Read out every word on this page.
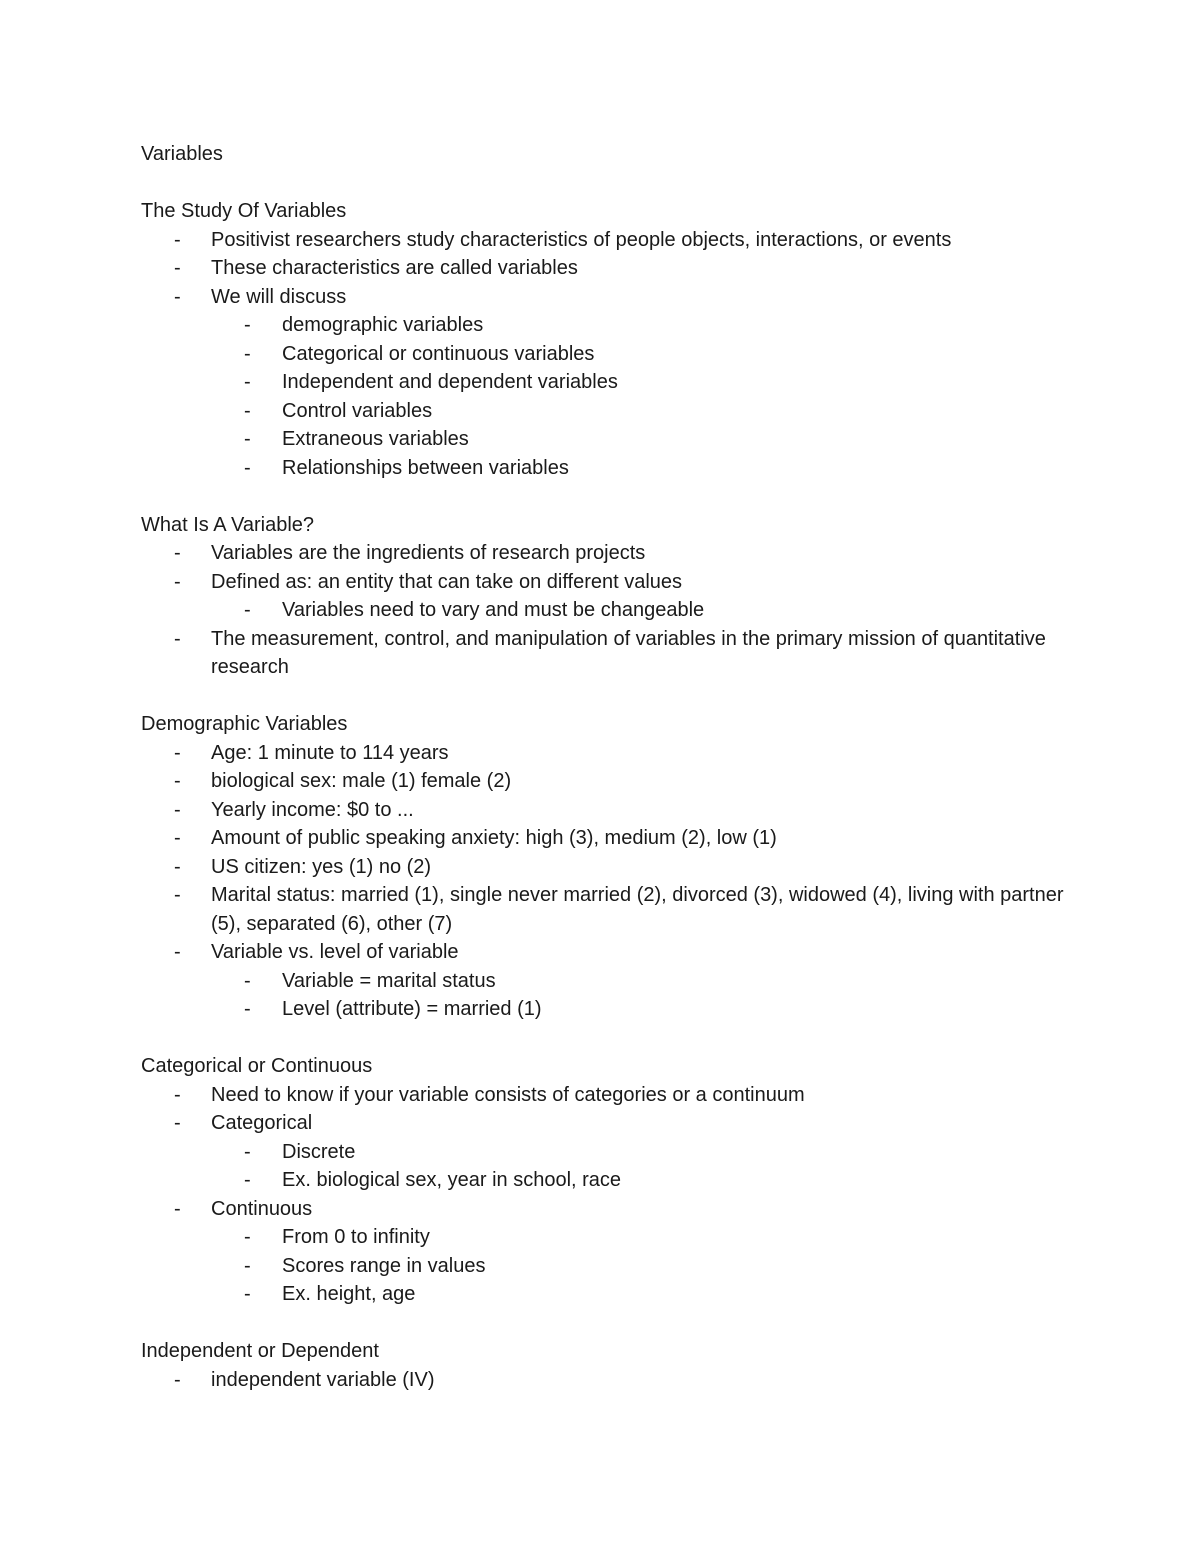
Variables

The Study Of Variables

-	Positivist researchers study characteristics of people objects, interactions, or events
-	These characteristics are called variables
-	We will discuss
-	demographic variables
-	Categorical or continuous variables
-	Independent and dependent variables
-	Control variables
-	Extraneous variables
-	Relationships between variables

What Is A Variable?

-	Variables are the ingredients of research projects
-	Defined as: an entity that can take on different values
-	Variables need to vary and must be changeable
-	The measurement, control, and manipulation of variables in the primary mission of quantitative research

Demographic Variables

-	Age: 1 minute to 114 years
-	biological sex: male (1) female (2)
-	Yearly income: $0 to ...
-	Amount of public speaking anxiety: high (3), medium (2), low (1)
-	US citizen: yes (1) no (2)
-	Marital status: married (1), single never married (2), divorced (3), widowed (4), living with partner (5), separated (6), other (7)
-	Variable vs. level of variable
-	Variable = marital status
-	Level (attribute) = married (1)

Categorical or Continuous

-	Need to know if your variable consists of categories or a continuum
-	Categorical
-	Discrete
-	Ex. biological sex, year in school, race
-	Continuous
-	From 0 to infinity
-	Scores range in values
-	Ex. height, age

Independent or Dependent

-	independent variable (IV)
